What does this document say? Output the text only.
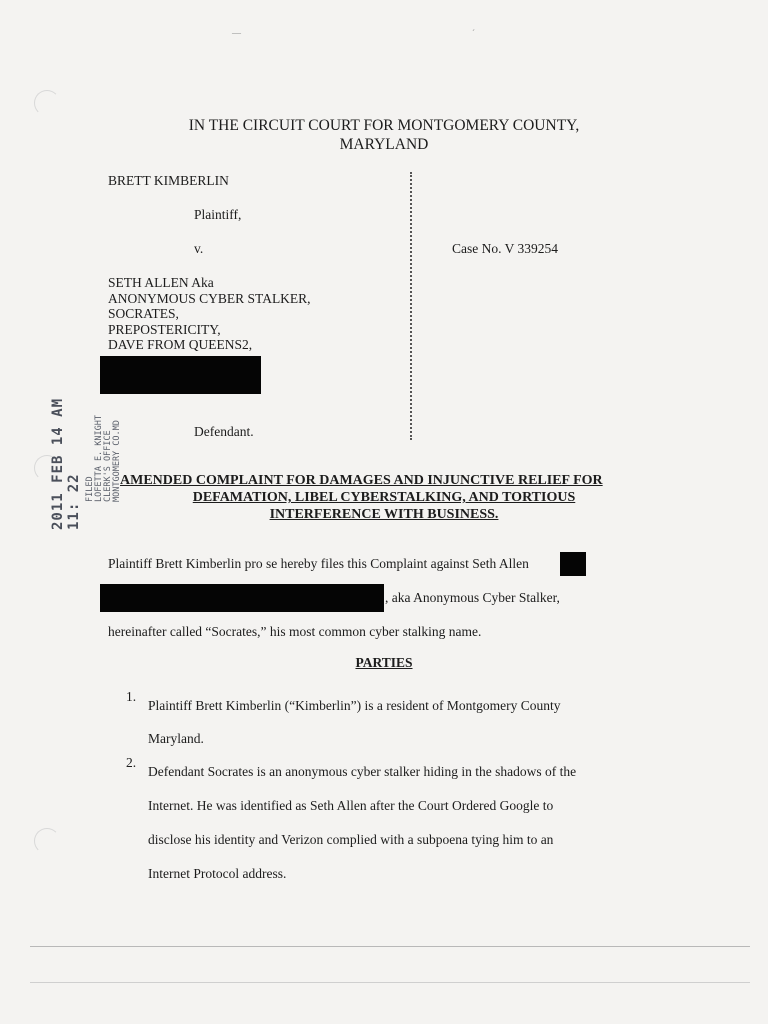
—	´
IN THE CIRCUIT COURT FOR MONTGOMERY COUNTY,
MARYLAND
BRETT KIMBERLIN
Plaintiff,
v.	Case No. V 339254
SETH ALLEN Aka
ANONYMOUS CYBER STALKER,
SOCRATES,
PREPOSTERICITY,
DAVE FROM QUEENS2,
Defendant.
2011 FEB 14 AM 11: 22 FILED LOFETTA E. KNIGHT CLERK'S OFFICE MONTGOMERY CO.MD
AMENDED COMPLAINT FOR DAMAGES AND INJUNCTIVE RELIEF FOR
DEFAMATION, LIBEL CYBERSTALKING, AND TORTIOUS
INTERFERENCE WITH BUSINESS.
Plaintiff Brett Kimberlin pro se hereby files this Complaint against Seth Allen
, aka Anonymous Cyber Stalker,
hereinafter called “Socrates,” his most common cyber stalking name.
PARTIES
1.
Plaintiff Brett Kimberlin (“Kimberlin”) is a resident of Montgomery County
Maryland.
2.
Defendant Socrates is an anonymous cyber stalker hiding in the shadows of the
Internet. He was identified as Seth Allen after the Court Ordered Google to
disclose his identity and Verizon complied with a subpoena tying him to an
Internet Protocol address.
